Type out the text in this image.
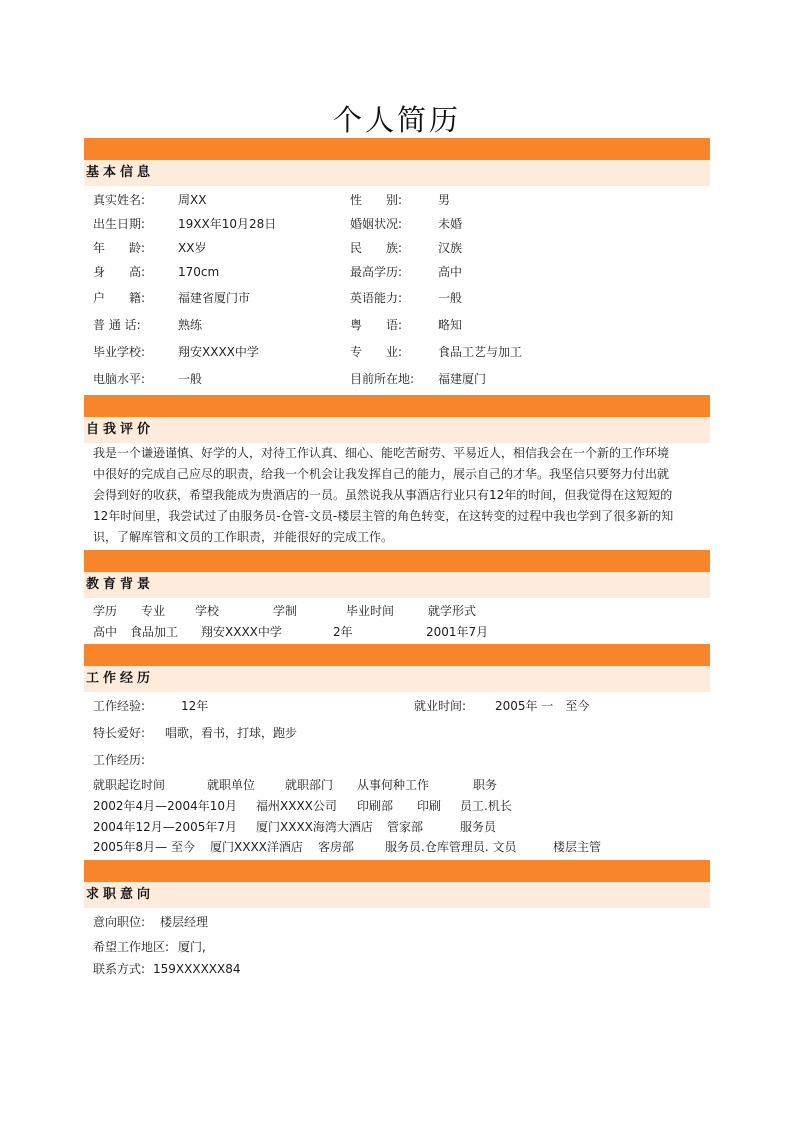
个人简历
基本信息
真实姓名:	周XX	性　　别:	男
出生日期:	19XX年10月28日	婚姻状况:	未婚
年　　龄:	XX岁	民　　族:	汉族
身　　高:	170cm	最高学历:	高中
户　　籍:	福建省厦门市	英语能力:	一般
普 通 话:	熟练	粤　　语:	略知
毕业学校:	翔安XXXX中学	专　　业:	食品工艺与加工
电脑水平:	一般	目前所在地: 福建厦门
自我评价
我是一个谦逊谨慎、好学的人，对待工作认真、细心、能吃苦耐劳、平易近人，相信我会在一个新的工作环境
中很好的完成自己应尽的职责，给我一个机会让我发挥自己的能力，展示自己的才华。我坚信只要努力付出就
会得到好的收获，希望我能成为贵酒店的一员。虽然说我从事酒店行业只有12年的时间，但我觉得在这短短的
12年时间里，我尝试过了由服务员-仓管-文员-楼层主管的角色转变，在这转变的过程中我也学到了很多新的知
识，了解库管和文员的工作职责，并能很好的完成工作。
教育背景
学历 专业 学校	学制	毕业时间	就学形式
高中 食品加工 翔安XXXX中学	2年	2001年7月
工作经历
工作经验:	12年	就业时间: 2005年 一　至今
特长爱好: 唱歌，看书，打球，跑步
工作经历:
就职起讫时间	就职单位 就职部门 从事何种工作	职务
2002年4月—2004年10月 福州XXXX公司 印刷部 印刷 员工.机长
2004年12月—2005年7月 厦门XXXX海湾大酒店 管家部	服务员
2005年8月— 至今 厦门XXXX洋酒店 客房部	服务员.仓库管理员. 文员	楼层主管
求职意向
意向职位: 楼层经理
希望工作地区: 厦门,
联系方式: 159XXXXXX84
